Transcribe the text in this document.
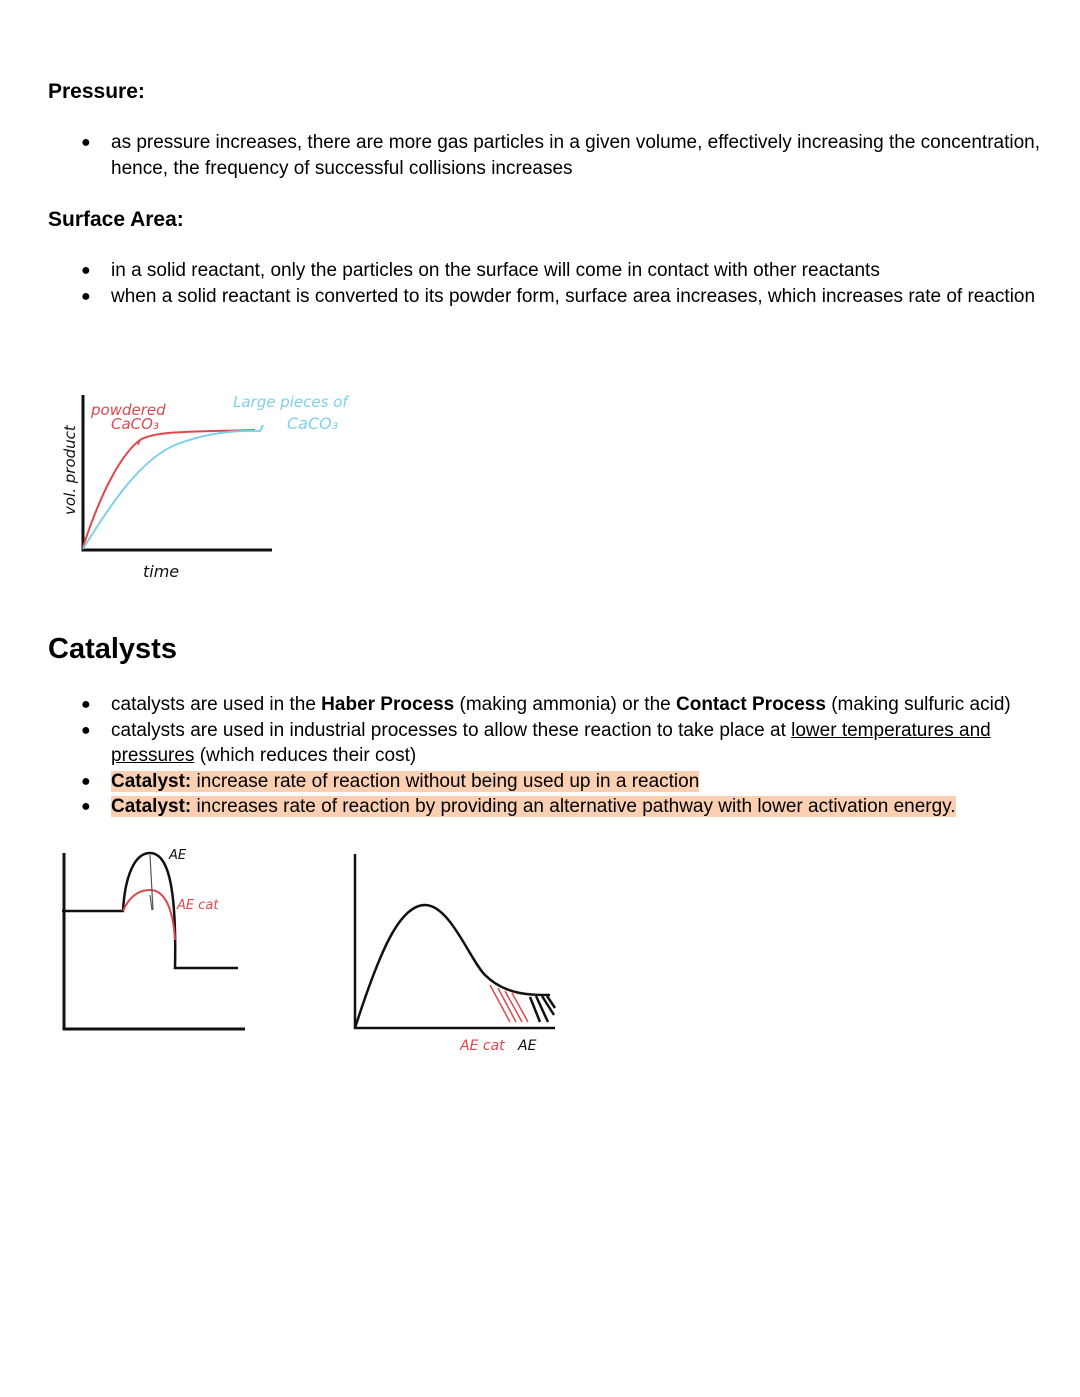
Pressure:
● as pressure increases, there are more gas particles in a given volume, effectively increasing the concentration, hence, the frequency of successful collisions increases
Surface Area:
● in a solid reactant, only the particles on the surface will come in contact with other reactants
● when a solid reactant is converted to its powder form, surface area increases, which increases rate of reaction
powdered
CaCO₃
Large pieces of
CaCO₃
vol. product
time
Catalysts
● catalysts are used in the Haber Process (making ammonia) or the Contact Process (making sulfuric acid)
● catalysts are used in industrial processes to allow these reaction to take place at lower temperatures and
pressures (which reduces their cost)
● Catalyst: increase rate of reaction without being used up in a reaction
● Catalyst: increases rate of reaction by providing an alternative pathway with lower activation energy.
AE
AE cat
AE cat AE
